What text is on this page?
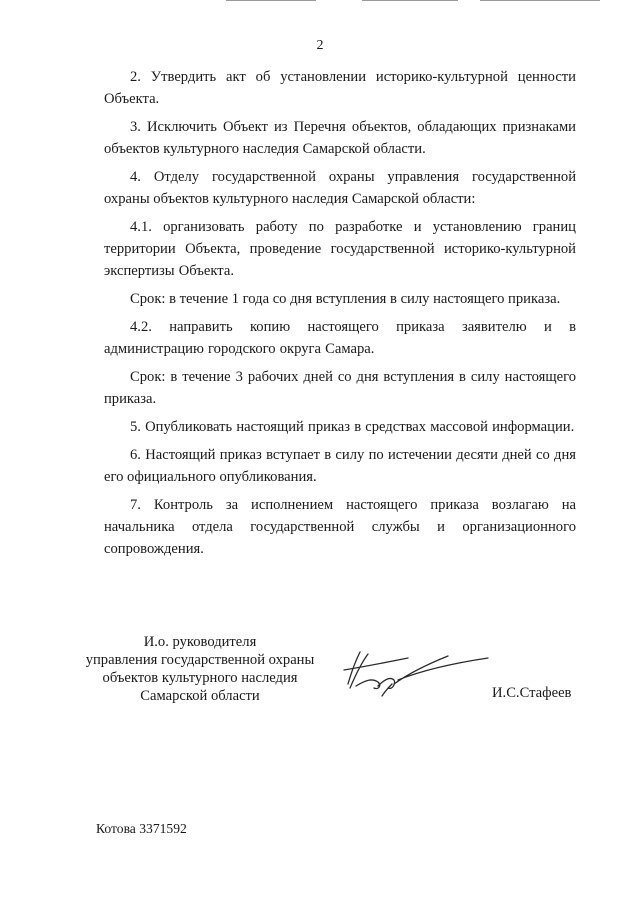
2

2. Утвердить акт об установлении историко-культурной ценности Объекта.

3. Исключить Объект из Перечня объектов, обладающих признаками объектов культурного наследия Самарской области.

4. Отделу государственной охраны управления государственной охраны объектов культурного наследия Самарской области:

4.1. организовать работу по разработке и установлению границ территории Объекта, проведение государственной историко-культурной экспертизы Объекта.

Срок: в течение 1 года со дня вступления в силу настоящего приказа.

4.2. направить копию настоящего приказа заявителю и в администрацию городского округа Самара.

Срок: в течение 3 рабочих дней со дня вступления в силу настоящего приказа.

5. Опубликовать настоящий приказ в средствах массовой информации.

6. Настоящий приказ вступает в силу по истечении десяти дней со дня его официального опубликования.

7. Контроль за исполнением настоящего приказа возлагаю на начальника отдела государственной службы и организационного сопровождения.

И.о. руководителя
управления государственной охраны
объектов культурного наследия
Самарской области	И.С.Стафеев
Котова 3371592
